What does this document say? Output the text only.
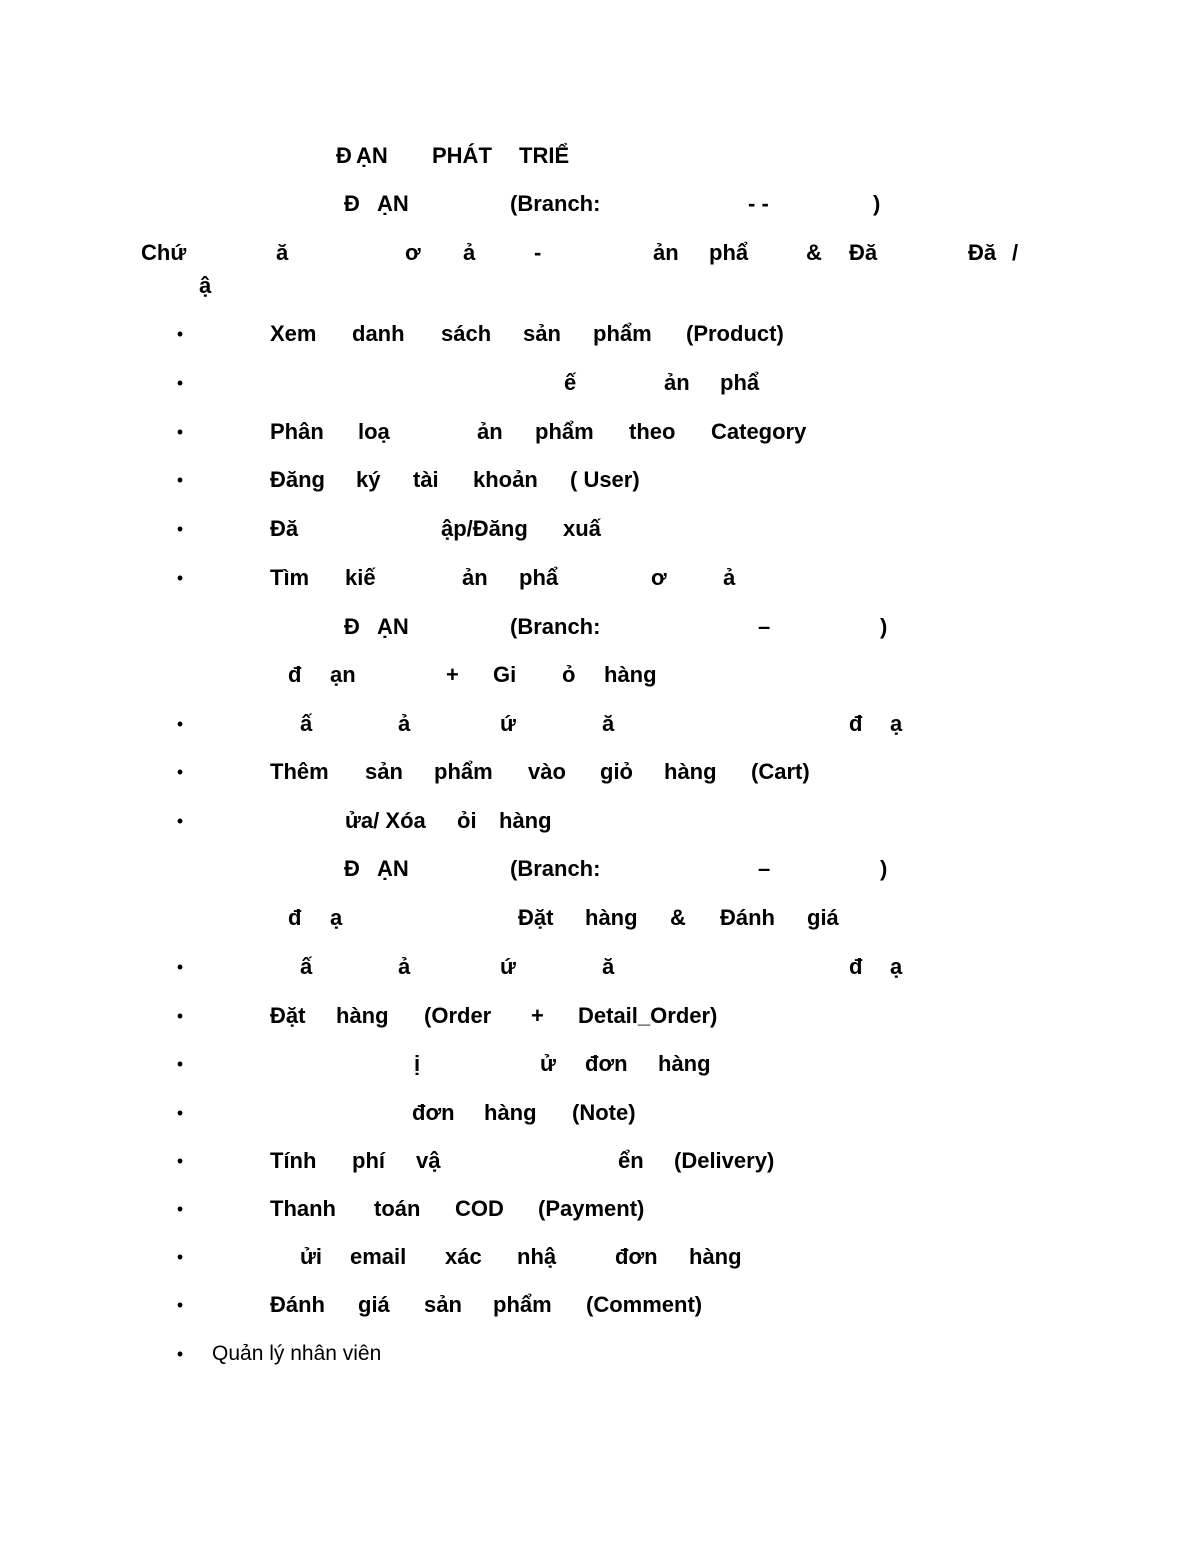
Đ ẠN PHÁT TRIỂ
Đ ẠN	(Branch:	- -	)
Chứ	ă	ơ ả	-	ản phẩ	& Đă	Đă /
ậ
•	Xem danh sách sản phẩm (Product)
•	ế	ản phẩ
•	Phân loạ	ản phẩm theo Category
•	Đăng ký tài khoản ( User)
•	Đă	ập/Đăng xuấ
•	Tìm kiế	ản phẩ	ơ	ả
Đ ẠN	(Branch:	–	)
đ ạn	+ Gi ỏ hàng
•	ấ	ả	ứ	ă	đ ạ
•	Thêm sản phẩm vào giỏ hàng (Cart)
•	ửa/ Xóa ỏi hàng
Đ ẠN	(Branch:	–	)
đ ạ	Đặt hàng & Đánh giá
•	ấ	ả	ứ	ă	đ ạ
•	Đặt hàng (Order + Detail_Order)
•	ị	ử đơn hàng
•	đơn hàng (Note)
•	Tính phí vậ	ển (Delivery)
•	Thanh toán COD (Payment)
•	ửi email xác nhậ	đơn hàng
•	Đánh giá sản phẩm (Comment)
• Quản lý nhân viên
